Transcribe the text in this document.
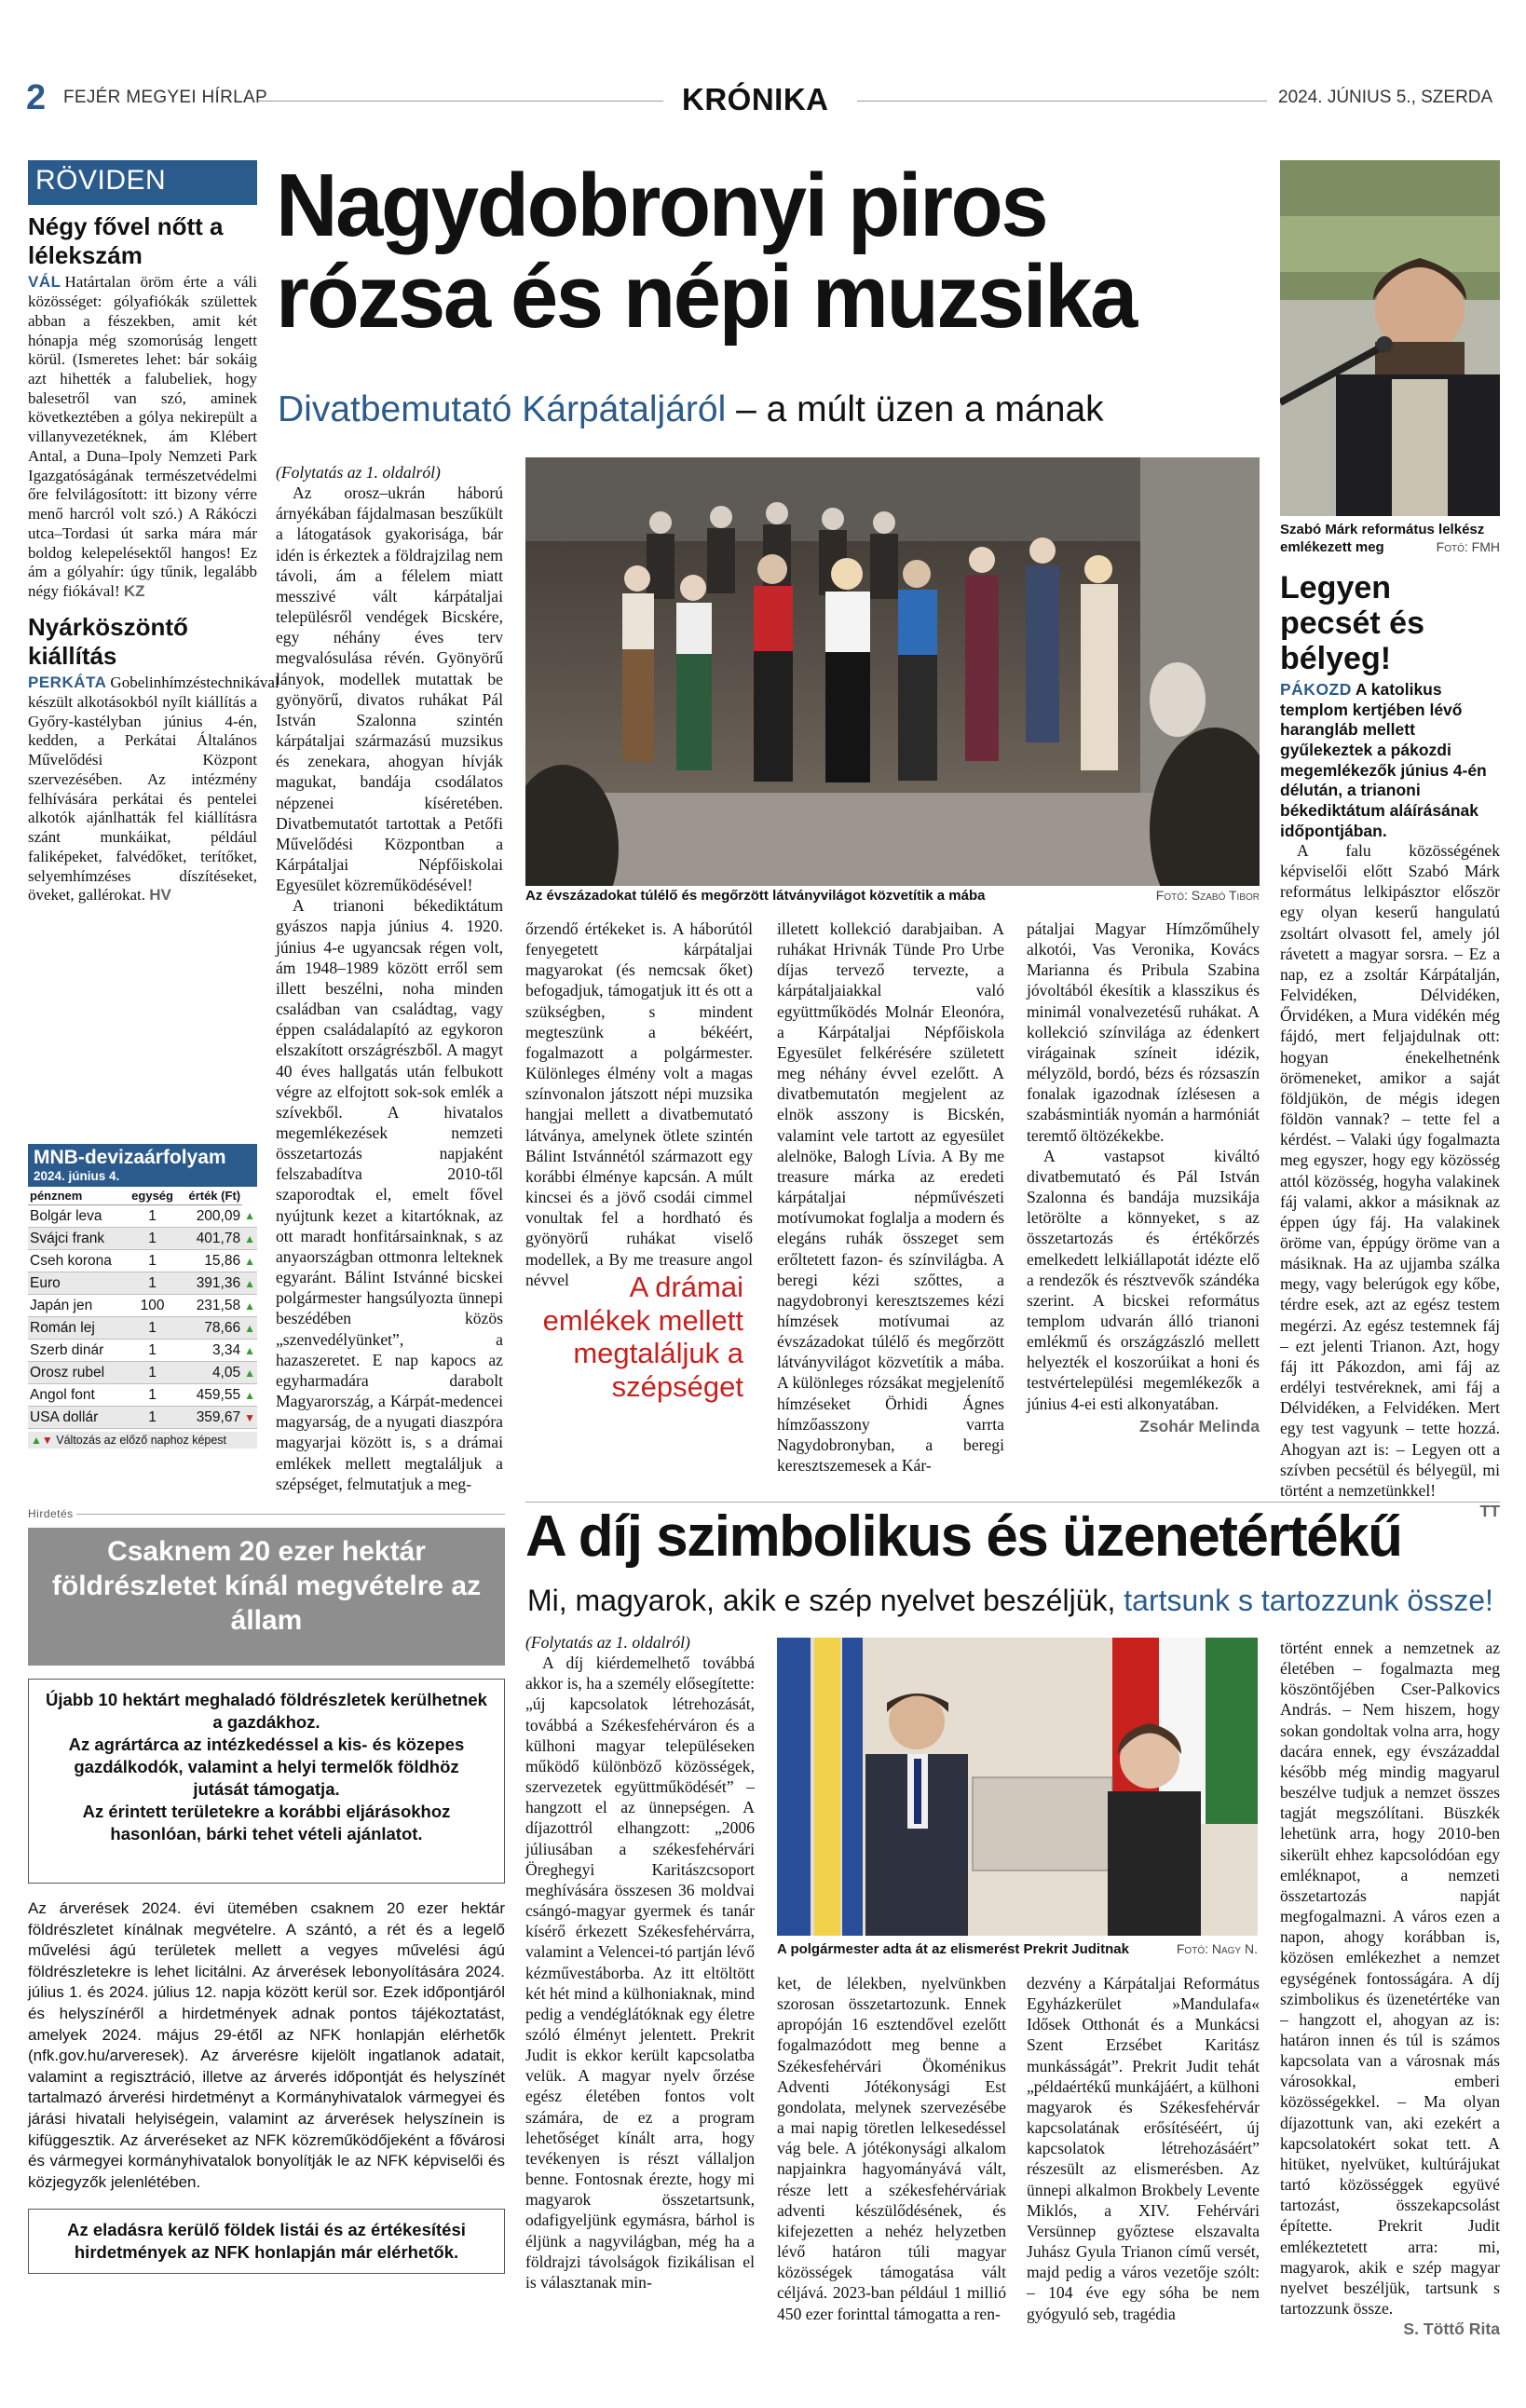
2 FEJÉR MEGYEI HÍRLAP	KRÓNIKA	2024. JÚNIUS 5., SZERDA
RÖVIDEN
Négy fővel nőtt a lélekszám
VÁL Határtalan öröm érte a váli közösséget: gólyafiókák születtek abban a fészekben, amit két hónapja még szomorúság lengett körül. (Ismeretes lehet: bár sokáig azt hihették a falubeliek, hogy balesetről van szó, aminek következtében a gólya nekirepült a villanyvezetéknek, ám Klébert Antal, a Duna–Ipoly Nemzeti Park Igazgatóságának természetvédelmi őre felvilágosított: itt bizony vérre menő harcról volt szó.) A Rákóczi utca–Tordasi út sarka mára már boldog kelepelésektől hangos! Ez ám a gólyahír: úgy tűnik, legalább négy fiókával! KZ
Nyárköszöntő kiállítás
PERKÁTA Gobelinhímzéstechnikával készült alkotásokból nyílt kiállítás a Győry-kastélyban június 4-én, kedden, a Perkátai Általános Művelődési Központ szervezésében. Az intézmény felhívására perkátai és pentelei alkotók ajánlhatták fel kiállításra szánt munkáikat, például faliképeket, falvédőket, terítőket, selyemhímzéses díszítéseket, öveket, gallérokat. HV
MNB-devizaárfolyam
2024. június 4.
pénznem	egység	érték (Ft)	
Bolgár leva	1	200,09	▲
Svájci frank	1	401,78	▲
Cseh korona	1	15,86	▲
Euro	1	391,36	▲
Japán jen	100	231,58	▲
Román lej	1	78,66	▲
Szerb dinár	1	3,34	▲
Orosz rubel	1	4,05	▲
Angol font	1	459,55	▲
USA dollár	1	359,67	▼
▲▼ Változás az előző naphoz képest
Nagydobronyi piros rózsa és népi muzsika
Divatbemutató Kárpátaljáról – a múlt üzen a mának

(Folytatás az 1. oldalról)

Az orosz–ukrán háború árnyékában fájdalmasan beszűkült a látogatások gyakorisága, bár idén is érkeztek a földrajzilag nem távoli, ám a félelem miatt messzivé vált kárpátaljai településről vendégek Bicskére, egy néhány éves terv megvalósulása révén. Gyönyörű lányok, modellek mutattak be gyönyörű, divatos ruhákat Pál István Szalonna szintén kárpátaljai származású muzsikus és zenekara, ahogyan hívják magukat, bandája csodálatos népzenei kíséretében. Divatbemutatót tartottak a Petőfi Művelődési Központban a Kárpátaljai Népfőiskolai Egyesület közreműködésével!

A trianoni békediktátum gyászos napja június 4. 1920. június 4-e ugyancsak régen volt, ám 1948–1989 között erről sem illett beszélni, noha minden családban van családtag, vagy éppen családalapító az egykoron elszakított országrészből. A magyt 40 éves hallgatás után felbukott végre az elfojtott sok-sok emlék a szívekből. A hivatalos megemlékezések nemzeti összetartozás napjaként felszabadítva 2010-től szaporodtak el, emelt fővel nyújtunk kezet a kitartóknak, az ott maradt honfitársainknak, s az anyaországban ottmonra lelteknek egyaránt. Bálint Istvánné bicskei polgármester hangsúlyozta ünnepi beszédében közös „szenvedélyünket”, a hazaszeretet. E nap kapocs az egyharmadára darabolt Magyarország, a Kárpát-medencei magyarság, de a nyugati diaszpóra magyarjai között is, s a drámai emlékek mellett megtaláljuk a szépséget, felmutatjuk a meg-

Az évszázadokat túlélő és megőrzött látványvilágot közvetítik a mába	Fotó: Szabó Tibor

őrzendő értékeket is. A háborútól fenyegetett kárpátaljai magyarokat (és nemcsak őket) befogadjuk, támogatjuk itt és ott a szükségben, s mindent megteszünk a békéért, fogalmazott a polgármester. Különleges élmény volt a magas színvonalon játszott népi muzsika hangjai mellett a divatbemutató látványa, amelynek ötlete szintén Bálint Istvánnétól származott egy korábbi élménye kapcsán. A múlt kincsei és a jövő csodái cimmel vonultak fel a hordható és gyönyörű ruhákat viselő modellek, a By me treasure angol névvel	A drámai emlékek mellett megtaláljuk a szépséget

illetett kollekció darabjaiban. A ruhákat Hrivnák Tünde Pro Urbe díjas tervező tervezte, a kárpátaljaiakkal való együttműködés Molnár Eleonóra, a Kárpátaljai Népfőiskola Egyesület felkérésére született meg néhány évvel ezelőtt. A divatbemutatón megjelent az elnök asszony is Bicskén, valamint vele tartott az egyesület alelnöke, Balogh Lívia. A By me treasure márka az eredeti kárpátaljai népművészeti motívumokat foglalja a modern és elegáns ruhák összeget sem erőltetett fazon- és színvilágba. A beregi kézi szőttes, a nagydobronyi keresztszemes kézi hímzések motívumai az évszázadokat túlélő és megőrzött látványvilágot közvetítik a mába. A különleges rózsákat megjelenítő hímzéseket Örhidi Ágnes hímzőasszony varrta Nagydobronyban, a beregi keresztszemesek a Kár-

pátaljai Magyar Hímzőműhely alkotói, Vas Veronika, Kovács Marianna és Pribula Szabina jóvoltából ékesítik a klasszikus és minimál vonalvezetésű ruhákat. A kollekció színvilága az édenkert virágainak színeit idézik, mélyzöld, bordó, bézs és rózsaszín fonalak igazodnak ízlésesen a szabásmintiák nyomán a harmóniát teremtő öltözékekbe.

A vastapsot kiváltó divatbemutató és Pál István Szalonna és bandája muzsikája letörölte a könnyeket, s az összetartozás és értékőrzés emelkedett lelkiállapotát idézte elő a rendezők és résztvevők szándéka szerint. A bicskei református templom udvarán álló trianoni emlékmű és országzászló mellett helyezték el koszorúikat a honi és testvértelepülési megemlékezők a június 4-ei esti alkonyatában.

Zsohár Melinda

Szabó Márk református lelkész emlékezett meg	Fotó: FMH
Legyen pecsét és bélyeg!
PÁKOZD A katolikus templom kertjében lévő harangláb mellett gyűlekeztek a pákozdi megemlékezők június 4-én délután, a trianoni békediktátum aláírásának időpontjában.

A falu közösségének képviselői előtt Szabó Márk református lelkipásztor először egy olyan keserű hangulatú zsoltárt olvasott fel, amely jól rávetett a magyar sorsra. – Ez a nap, ez a zsoltár Kárpátalján, Felvidéken, Délvidéken, Őrvidéken, a Mura vidékén még fájdó, mert feljajdulnak ott: hogyan énekelhetnénk örömeneket, amikor a saját földjükön, de mégis idegen földön vannak? – tette fel a kérdést. – Valaki úgy fogalmazta meg egyszer, hogy egy közösség attól közösség, hogyha valakinek fáj valami, akkor a másiknak az éppen úgy fáj. Ha valakinek öröme van, éppúgy öröme van a másiknak. Ha az ujjamba szálka megy, vagy belerúgok egy kőbe, térdre esek, azt az egész testem megérzi. Az egész testemnek fáj – ezt jelenti Trianon. Azt, hogy fáj itt Pákozdon, ami fáj az erdélyi testvéreknek, ami fáj a Délvidéken, a Felvidéken. Mert egy test vagyunk – tette hozzá. Ahogyan azt is: – Legyen ott a szívben pecsétül és bélyegül, mi történt a nemzetünkkel!

TT

Hirdetés
Csaknem 20 ezer hektár földrészletet kínál megvételre az állam

Újabb 10 hektárt meghaladó földrészletek kerülhetnek a gazdákhoz.

Az agrártárca az intézkedéssel a kis- és közepes gazdálkodók, valamint a helyi termelők földhöz jutását támogatja.

Az érintett területekre a korábbi eljárásokhoz hasonlóan, bárki tehet vételi ajánlatot.

Az árverések 2024. évi ütemében csaknem 20 ezer hektár földrészletet kínálnak megvételre. A szántó, a rét és a legelő művelési ágú területek mellett a vegyes művelési ágú földrészletekre is lehet licitálni. Az árverések lebonyolítására 2024. július 1. és 2024. július 12. napja között kerül sor. Ezek időpontjáról és helyszínéről a hirdetmények adnak pontos tájékoztatást, amelyek 2024. május 29-étől az NFK honlapján elérhetők (nfk.gov.hu/arveresek). Az árverésre kijelölt ingatlanok adatait, valamint a regisztráció, illetve az árverés időpontját és helyszínét tartalmazó árverési hirdetményt a Kormányhivatalok vármegyei és járási hivatali helyiségein, valamint az árverések helyszínein is kifüggesztik. Az árveréseket az NFK közreműködőjeként a fővárosi és vármegyei kormányhivatalok bonyolítják le az NFK képviselői és közjegyzők jelenlétében.

Az eladásra kerülő földek listái és az értékesítési hirdetmények az NFK honlapján már elérhetők.

A díj szimbolikus és üzenetértékű
Mi, magyarok, akik e szép nyelvet beszéljük, tartsunk s tartozzunk össze!

(Folytatás az 1. oldalról)

A díj kiérdemelhető továbbá akkor is, ha a személy elősegítette: „új kapcsolatok létrehozását, továbbá a Székesfehérváron és a külhoni magyar településeken működő különböző közösségek, szervezetek együttműködését” – hangzott el az ünnepségen. A díjazottról elhangzott: „2006 júliusában a székesfehérvári Öreghegyi Karitászcsoport meghívására összesen 36 moldvai csángó-magyar gyermek és tanár kísérő érkezett Székesfehérvárra, valamint a Velencei-tó partján lévő kézművestáborba. Az itt eltöltött két hét mind a külhoniaknak, mind pedig a vendéglátóknak egy életre szóló élményt jelentett. Prekrit Judit is ekkor került kapcsolatba velük. A magyar nyelv őrzése egész életében fontos volt számára, de ez a program lehetőséget kínált arra, hogy tevékenyen is részt vállaljon benne. Fontosnak érezte, hogy mi magyarok összetartsunk, odafigyeljünk egymásra, bárhol is éljünk a nagyvilágban, még ha a földrajzi távolságok fizikálisan el is választanak min-

A polgármester adta át az elismerést Prekrit Juditnak	Fotó: Nagy N.

ket, de lélekben, nyelvünkben szorosan összetartozunk. Ennek apropóján 16 esztendővel ezelőtt fogalmazódott meg benne a Székesfehérvári Ökoménikus Adventi Jótékonysági Est gondolata, melynek szervezésébe a mai napig töretlen lelkesedéssel vág bele. A jótékonysági alkalom napjainkra hagyományává vált, része lett a székesfehérváriak adventi készülődésének, és kifejezetten a nehéz helyzetben lévő határon túli magyar közösségek támogatása vált céljává. 2023-ban például 1 millió 450 ezer forinttal támogatta a ren-

dezvény a Kárpátaljai Református Egyházkerület »Mandulafa« Idősek Otthonát és a Munkácsi Szent Erzsébet Karitász munkásságát”. Prekrit Judit tehát „példaértékű munkájáért, a külhoni magyarok és Székesfehérvár kapcsolatának erősítéséért, új kapcsolatok létrehozásáért” részesült az elismerésben. Az ünnepi alkalmon Brokbely Levente Miklós, a XIV. Fehérvári Versünnep győztese elszavalta Juhász Gyula Trianon című versét, majd pedig a város vezetője szólt: – 104 éve egy sóha be nem gyógyuló seb, tragédia

történt ennek a nemzetnek az életében – fogalmazta meg köszöntőjében Cser-Palkovics András. – Nem hiszem, hogy sokan gondoltak volna arra, hogy dacára ennek, egy évszázaddal később még mindig magyarul beszélve tudjuk a nemzet összes tagját megszólítani. Büszkék lehetünk arra, hogy 2010-ben sikerült ehhez kapcsolódóan egy emléknapot, a nemzeti összetartozás napját megfogalmazni. A város ezen a napon, ahogy korábban is, közösen emlékezhet a nemzet egységének fontosságára. A díj szimbolikus és üzenetértéke van – hangzott el, ahogyan az is: határon innen és túl is számos kapcsolata van a városnak más városokkal, emberi közösségekkel. – Ma olyan díjazottunk van, aki ezekért a kapcsolatokért sokat tett. A hitüket, nyelvüket, kultúrájukat tartó közösséggek együvé tartozást, összekapcsolást építette. Prekrit Judit emlékeztetett arra: mi, magyarok, akik e szép magyar nyelvet beszéljük, tartsunk s tartozzunk össze.

S. Töttő Rita
